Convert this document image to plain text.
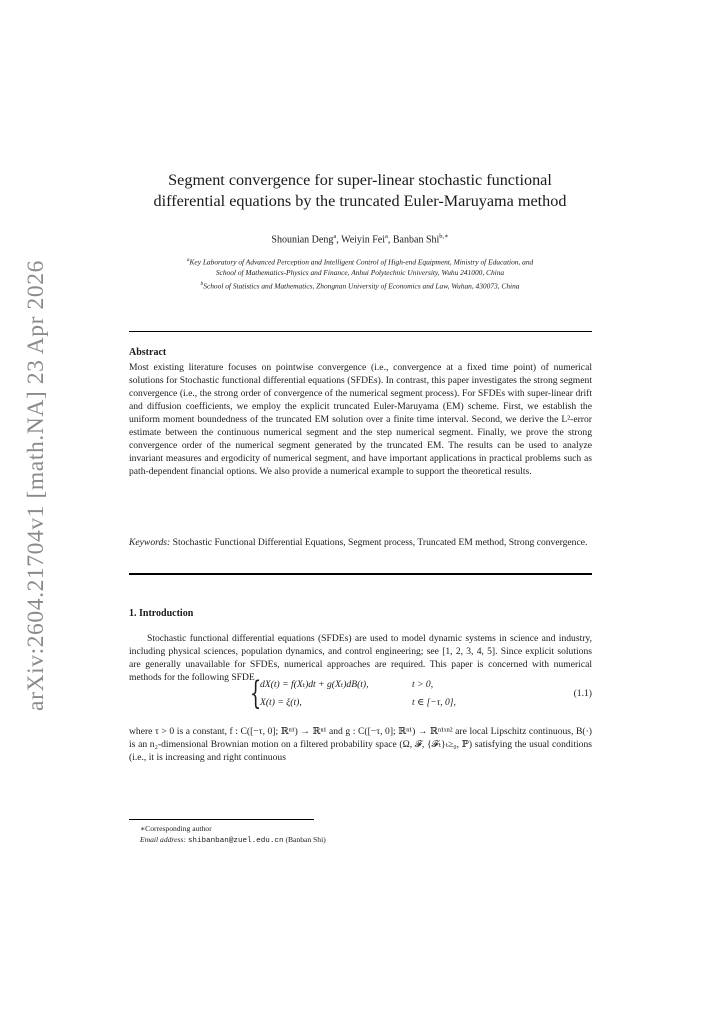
arXiv:2604.21704v1 [math.NA] 23 Apr 2026
Segment convergence for super-linear stochastic functional
differential equations by the truncated Euler-Maruyama method
Shounian Deng$^a$, Weiyin Fei$^a$, Banban Shi$^{b,∗}$
$^a$Key Laboratory of Advanced Perception and Intelligent Control of High-end Equipment, Ministry of Education, and
School of Mathematics-Physics and Finance, Anhui Polytechnic University, Wuhu 241000, China
$^b$School of Statistics and Mathematics, Zhongnan University of Economics and Law, Wuhan, 430073, China
Abstract
Most existing literature focuses on pointwise convergence (i.e., convergence at a fixed time point) of numerical solutions for Stochastic functional differential equations (SFDEs). In contrast, this paper investigates the strong segment convergence (i.e., the strong order of convergence of the numerical segment process). For SFDEs with super-linear drift and diffusion coefficients, we employ the explicit truncated Euler-Maruyama (EM) scheme. First, we establish the uniform moment boundedness of the truncated EM solution over a finite time interval. Second, we derive the L²-error estimate between the continuous numerical segment and the step numerical segment. Finally, we prove the strong convergence order of the numerical segment generated by the truncated EM. The results can be used to analyze invariant measures and ergodicity of numerical segment, and have important applications in practical problems such as path-dependent financial options. We also provide a numerical example to support the theoretical results.
Keywords: Stochastic Functional Differential Equations, Segment process, Truncated EM method, Strong convergence.
1. Introduction
Stochastic functional differential equations (SFDEs) are used to model dynamic systems in science and industry, including physical sciences, population dynamics, and control engineering; see [1, 2, 3, 4, 5]. Since explicit solutions are generally unavailable for SFDEs, numerical approaches are required. This paper is concerned with numerical methods for the following SFDE
{
dX(t) = f(Xₜ)dt + g(Xₜ)dB(t),	t > 0,
X(t) = ξ(t),	t ∈ [−τ, 0],
(1.1)
where τ > 0 is a constant, f : C([−τ, 0]; ℝⁿ¹) → ℝⁿ¹ and g : C([−τ, 0]; ℝⁿ¹) → ℝⁿ¹ˣⁿ² are local Lipschitz continuous, B(·) is an n₂-dimensional Brownian motion on a filtered probability space (Ω, 𝓕, {𝓕ₜ}ₜ≥₀, ℙ) satisfying the usual conditions (i.e., it is increasing and right continuous
∗Corresponding author
Email address: shibanban@zuel.edu.cn (Banban Shi)
